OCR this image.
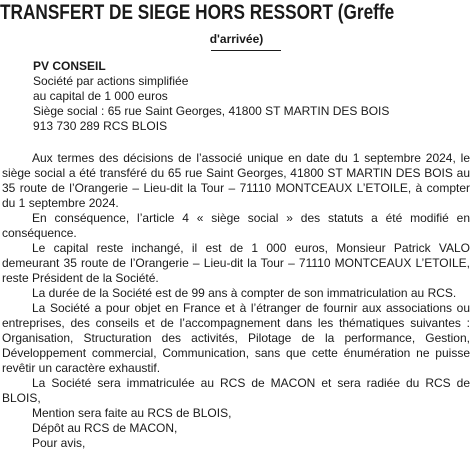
TRANSFERT DE SIEGE HORS RESSORT (Greffe
d'arrivée)
PV CONSEIL
Société par actions simplifiée
au capital de 1 000 euros
Siège social : 65 rue Saint Georges, 41800 ST MARTIN DES BOIS
913 730 289 RCS BLOIS

Aux termes des décisions de l’associé unique en date du 1 septembre 2024, le siège social a été transféré du 65 rue Saint Georges, 41800 ST MARTIN DES BOIS au 35 route de l’Orangerie – Lieu-dit la Tour – 71110 MONTCEAUX L’ETOILE, à compter du 1 septembre 2024.

En conséquence, l’article 4 « siège social » des statuts a été modifié en conséquence.

Le capital reste inchangé, il est de 1 000 euros, Monsieur Patrick VALO demeurant 35 route de l’Orangerie – Lieu-dit la Tour – 71110 MONTCEAUX L’ETOILE, reste Président de la Société.

La durée de la Société est de 99 ans à compter de son immatriculation au RCS.

La Société a pour objet en France et à l’étranger de fournir aux associations ou entreprises, des conseils et de l’accompagnement dans les thématiques suivantes : Organisation, Structuration des activités, Pilotage de la performance, Gestion, Développement commercial, Communication, sans que cette énumération ne puisse revêtir un caractère exhaustif.

La Société sera immatriculée au RCS de MACON et sera radiée du RCS de BLOIS,

Mention sera faite au RCS de BLOIS,
Dépôt au RCS de MACON,
Pour avis,
